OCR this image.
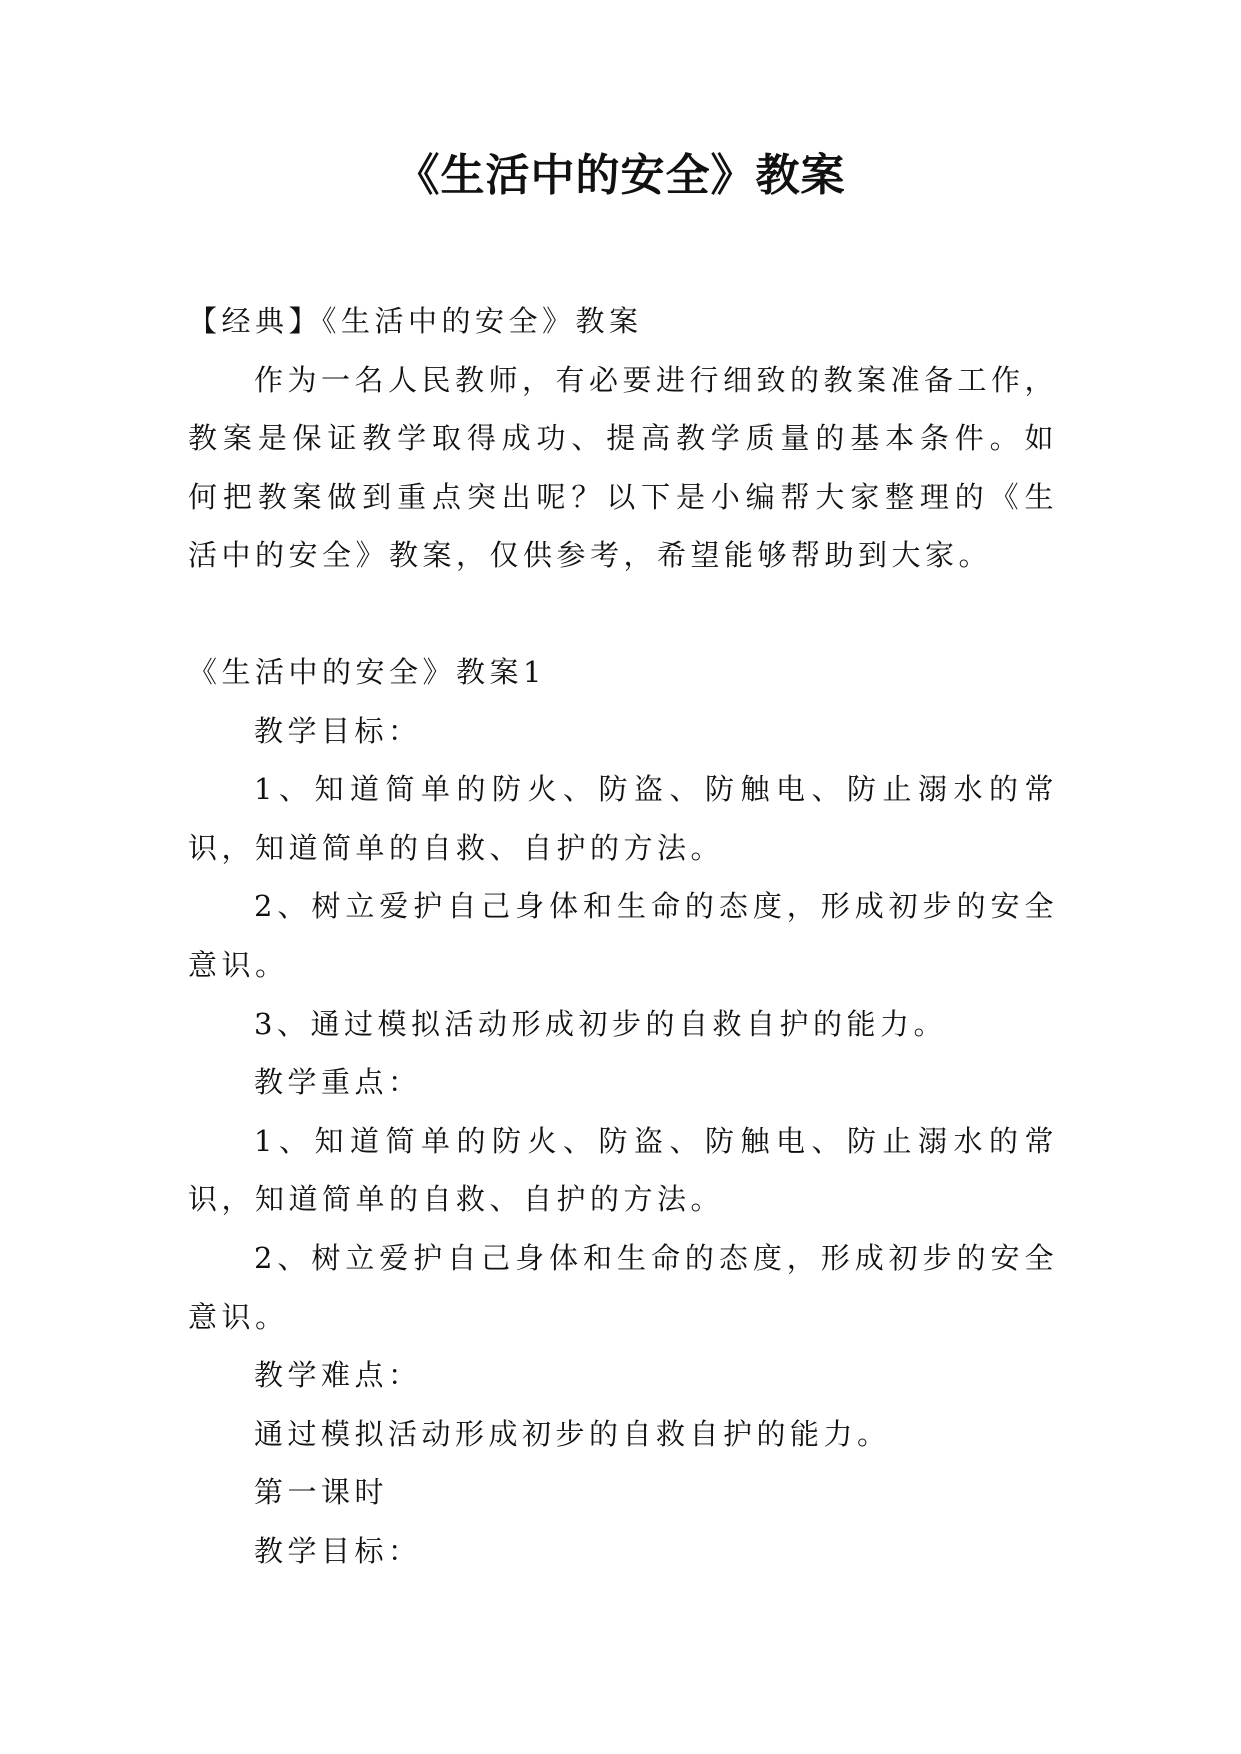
《生活中的安全》教案

【经典】《生活中的安全》教案

作为一名人民教师，有必要进行细致的教案准备工作，教案是保证教学取得成功、提高教学质量的基本条件。如何把教案做到重点突出呢？以下是小编帮大家整理的《生活中的安全》教案，仅供参考，希望能够帮助到大家。

《生活中的安全》教案1

教学目标：

1、知道简单的防火、防盗、防触电、防止溺水的常识，知道简单的自救、自护的方法。

2、树立爱护自己身体和生命的态度，形成初步的安全意识。

3、通过模拟活动形成初步的自救自护的能力。

教学重点：

1、知道简单的防火、防盗、防触电、防止溺水的常识，知道简单的自救、自护的方法。

2、树立爱护自己身体和生命的态度，形成初步的安全意识。

教学难点：

通过模拟活动形成初步的自救自护的能力。

第一课时

教学目标：
